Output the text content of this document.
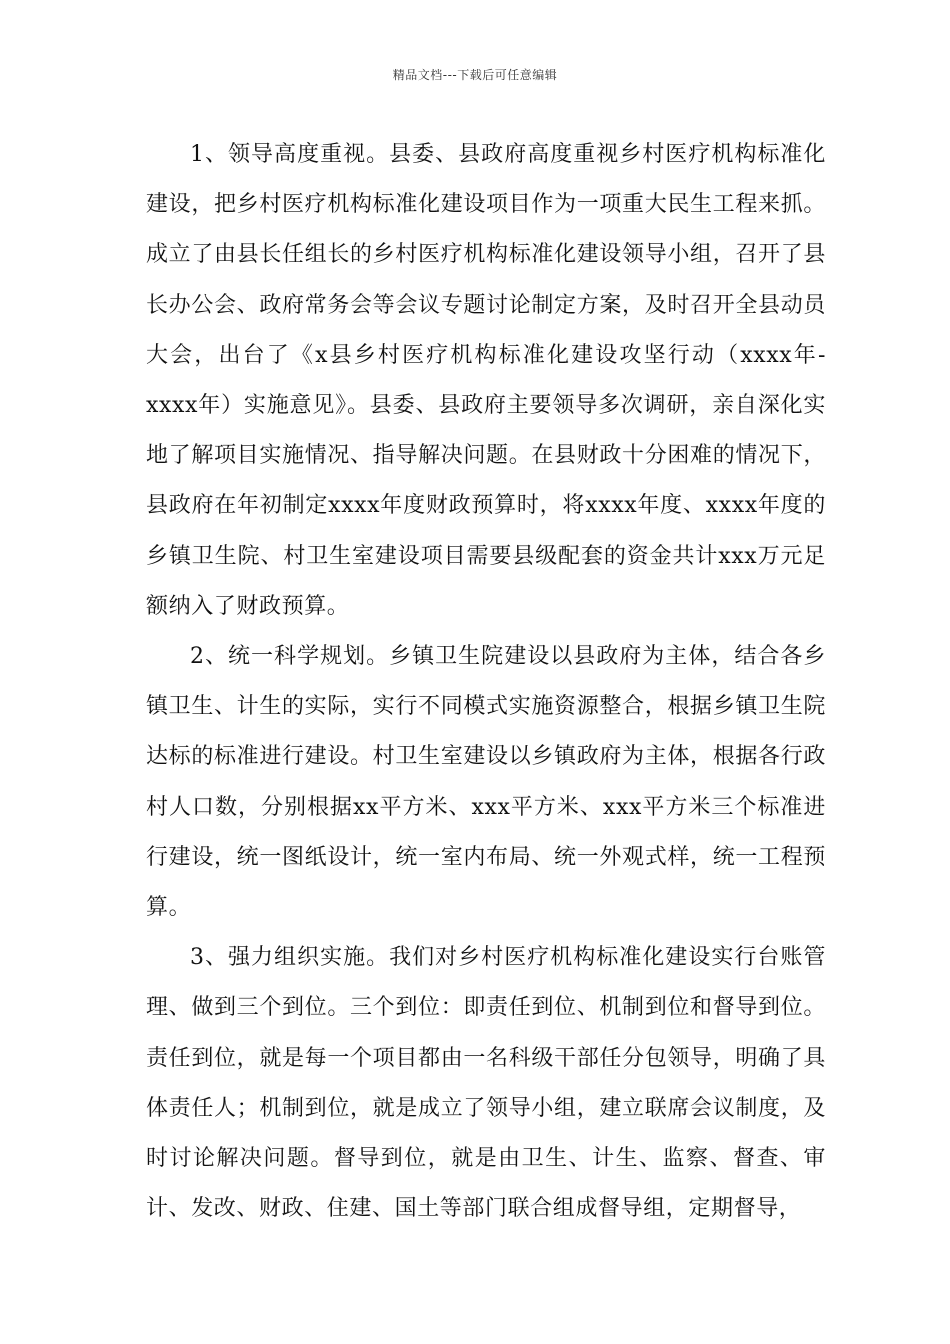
精品文档---下载后可任意编辑

1、领导高度重视。县委、县政府高度重视乡村医疗机构标准化建设，把乡村医疗机构标准化建设项目作为一项重大民生工程来抓。成立了由县长任组长的乡村医疗机构标准化建设领导小组，召开了县长办公会、政府常务会等会议专题讨论制定方案，及时召开全县动员大会，出台了《x县乡村医疗机构标准化建设攻坚行动（xxxx年-xxxx年）实施意见》。县委、县政府主要领导多次调研，亲自深化实地了解项目实施情况、指导解决问题。在县财政十分困难的情况下，县政府在年初制定xxxx年度财政预算时，将xxxx年度、xxxx年度的乡镇卫生院、村卫生室建设项目需要县级配套的资金共计xxx万元足额纳入了财政预算。

2、统一科学规划。乡镇卫生院建设以县政府为主体，结合各乡镇卫生、计生的实际，实行不同模式实施资源整合，根据乡镇卫生院达标的标准进行建设。村卫生室建设以乡镇政府为主体，根据各行政村人口数，分别根据xx平方米、xxx平方米、xxx平方米三个标准进行建设，统一图纸设计，统一室内布局、统一外观式样，统一工程预算。

3、强力组织实施。我们对乡村医疗机构标准化建设实行台账管理、做到三个到位。三个到位：即责任到位、机制到位和督导到位。责任到位，就是每一个项目都由一名科级干部任分包领导，明确了具体责任人；机制到位，就是成立了领导小组，建立联席会议制度，及时讨论解决问题。督导到位，就是由卫生、计生、监察、督查、审计、发改、财政、住建、国土等部门联合组成督导组，定期督导，
